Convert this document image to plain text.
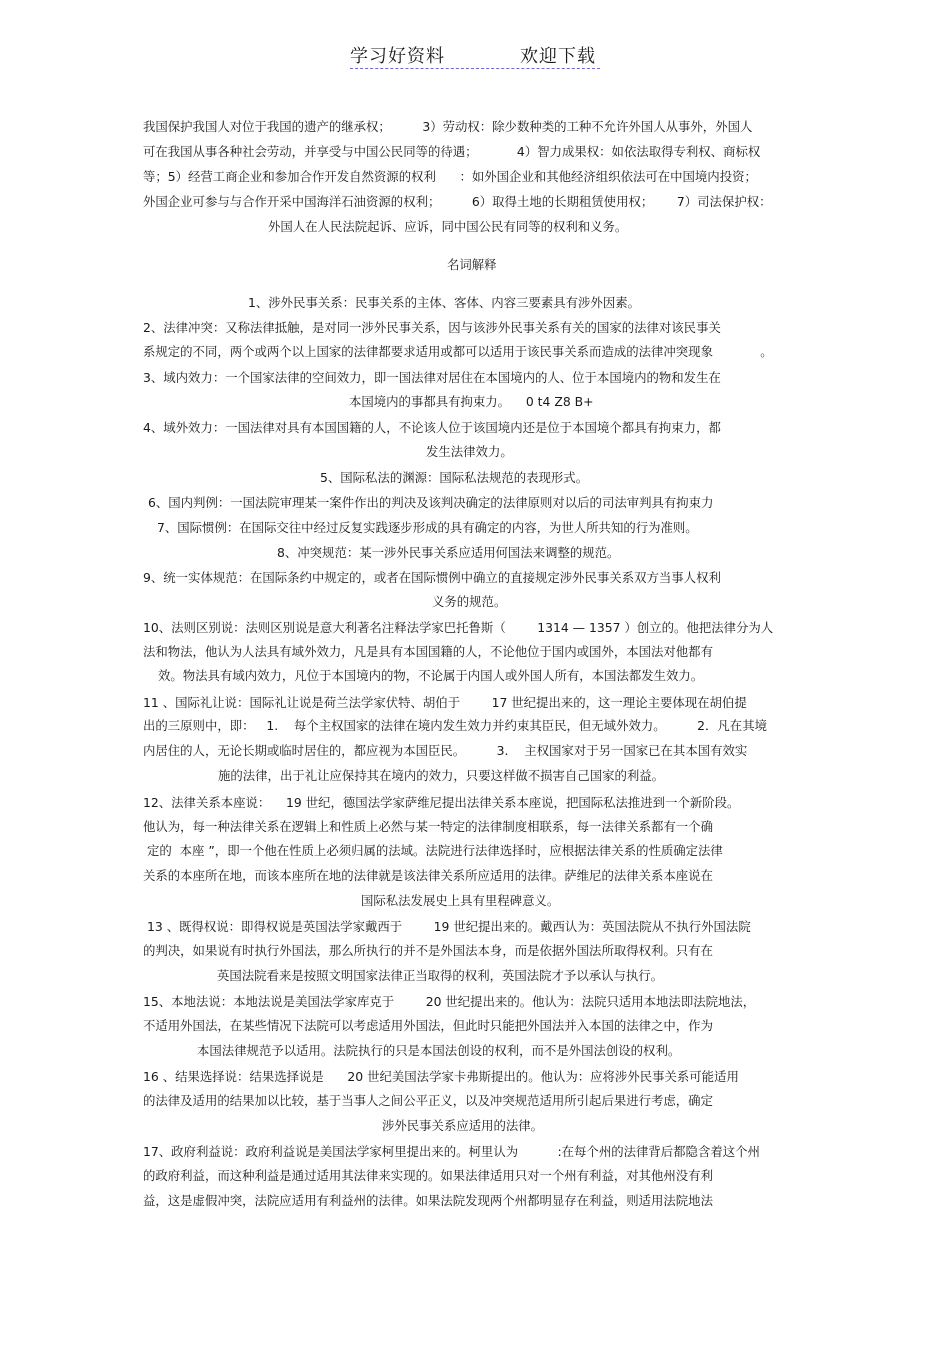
学习好资料	欢迎下载
我国保护我国人对位于我国的遗产的继承权；        3）劳动权：除少数种类的工种不允许外国人从事外，外国人
可在我国从事各种社会劳动，并享受与中国公民同等的待遇；          4）智力成果权：如依法取得专利权、商标权
等；5）经营工商企业和参加合作开发自然资源的权利      ：如外国企业和其他经济组织依法可在中国境内投资；
外国企业可参与与合作开采中国海洋石油资源的权利；        6）取得土地的长期租赁使用权；      7）司法保护权：
外国人在人民法院起诉、应诉，同中国公民有同等的权利和义务。
名词解释
1、涉外民事关系：民事关系的主体、客体、内容三要素具有涉外因素。
2、法律冲突：又称法律抵触，是对同一涉外民事关系，因与该涉外民事关系有关的国家的法律对该民事关
系规定的不同，两个或两个以上国家的法律都要求适用或都可以适用于该民事关系而造成的法律冲突现象            。
3、域内效力：一个国家法律的空间效力，即一国法律对居住在本国境内的人、位于本国境内的物和发生在
本国境内的事都具有拘束力。    0 t4 Z8 B+
4、域外效力：一国法律对具有本国国籍的人，不论该人位于该国境内还是位于本国境个都具有拘束力，都
发生法律效力。
5、国际私法的渊源：国际私法规范的表现形式。
6、国内判例：一国法院审理某一案件作出的判决及该判决确定的法律原则对以后的司法审判具有拘束力
7、国际惯例：在国际交往中经过反复实践逐步形成的具有确定的内容，为世人所共知的行为准则。
8、冲突规范：某一涉外民事关系应适用何国法来调整的规范。
9、统一实体规范：在国际条约中规定的，或者在国际惯例中确立的直接规定涉外民事关系双方当事人权利
义务的规范。
10、法则区别说：法则区别说是意大利著名注释法学家巴托鲁斯（        1314 — 1357 ）创立的。他把法律分为人
法和物法，他认为人法具有域外效力，凡是具有本国国籍的人，不论他位于国内或国外，本国法对他都有
效。物法具有域内效力，凡位于本国境内的物，不论属于内国人或外国人所有，本国法都发生效力。
11 、国际礼让说：国际礼让说是荷兰法学家伏特、胡伯于        17 世纪提出来的，这一理论主要体现在胡伯提
出的三原则中，即：   1.    每个主权国家的法律在境内发生效力并约束其臣民，但无域外效力。        2．凡在其境
内居住的人，无论长期或临时居住的，都应视为本国臣民。        3.    主权国家对于另一国家已在其本国有效实
施的法律，出于礼让应保持其在境内的效力，只要这样做不损害自己国家的利益。
12、法律关系本座说：    19 世纪，德国法学家萨维尼提出法律关系本座说，把国际私法推进到一个新阶段。
他认为，每一种法律关系在逻辑上和性质上必然与某一特定的法律制度相联系，每一法律关系都有一个确
定的  本座 ”，即一个他在性质上必须归属的法域。法院进行法律选择时，应根据法律关系的性质确定法律
关系的本座所在地，而该本座所在地的法律就是该法律关系所应适用的法律。萨维尼的法律关系本座说在
国际私法发展史上具有里程碑意义。
13 、既得权说：即得权说是英国法学家戴西于        19 世纪提出来的。戴西认为：英国法院从不执行外国法院
的判决，如果说有时执行外国法，那么所执行的并不是外国法本身，而是依据外国法所取得权利。只有在
英国法院看来是按照文明国家法律正当取得的权利，英国法院才予以承认与执行。
15、本地法说：本地法说是美国法学家库克于        20 世纪提出来的。他认为：法院只适用本地法即法院地法，
不适用外国法，在某些情况下法院可以考虑适用外国法，但此时只能把外国法并入本国的法律之中，作为
本国法律规范予以适用。法院执行的只是本国法创设的权利，而不是外国法创设的权利。
16 、结果选择说：结果选择说是      20 世纪美国法学家卡弗斯提出的。他认为：应将涉外民事关系可能适用
的法律及适用的结果加以比较，基于当事人之间公平正义，以及冲突规范适用所引起后果进行考虑，确定
涉外民事关系应适用的法律。
17、政府利益说：政府利益说是美国法学家柯里提出来的。柯里认为          :在每个州的法律背后都隐含着这个州
的政府利益，而这种利益是通过适用其法律来实现的。如果法律适用只对一个州有利益，对其他州没有利
益，这是虚假冲突，法院应适用有利益州的法律。如果法院发现两个州都明显存在利益，则适用法院地法
